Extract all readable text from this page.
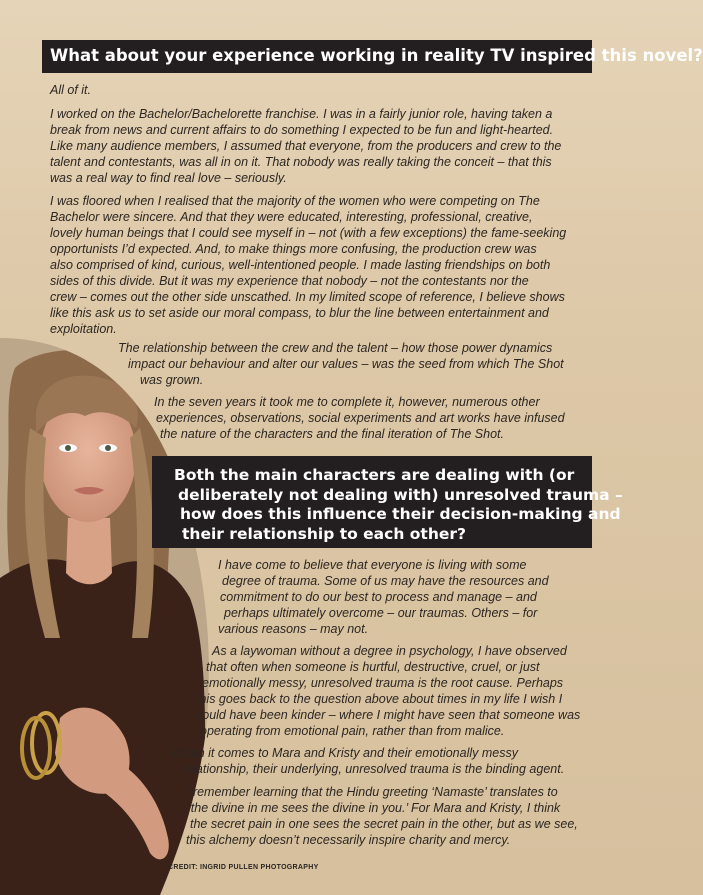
What about your experience working in reality TV inspired this novel?
All of it.
I worked on the Bachelor/Bachelorette franchise. I was in a fairly junior role, having taken a
break from news and current affairs to do something I expected to be fun and light-hearted.
Like many audience members, I assumed that everyone, from the producers and crew to the
talent and contestants, was all in on it. That nobody was really taking the conceit – that this
was a real way to find real love – seriously.
I was floored when I realised that the majority of the women who were competing on The
Bachelor were sincere. And that they were educated, interesting, professional, creative,
lovely human beings that I could see myself in – not (with a few exceptions) the fame-seeking
opportunists I’d expected. And, to make things more confusing, the production crew was
also comprised of kind, curious, well-intentioned people. I made lasting friendships on both
sides of this divide. But it was my experience that nobody – not the contestants nor the
crew – comes out the other side unscathed. In my limited scope of reference, I believe shows
like this ask us to set aside our moral compass, to blur the line between entertainment and
exploitation.
The relationship between the crew and the talent – how those power dynamics
impact our behaviour and alter our values – was the seed from which The Shot
was grown.
In the seven years it took me to complete it, however, numerous other
experiences, observations, social experiments and art works have infused
the nature of the characters and the final iteration of The Shot.
Both the main characters are dealing with (or
deliberately not dealing with) unresolved trauma –
how does this influence their decision-making and
their relationship to each other?
I have come to believe that everyone is living with some
degree of trauma. Some of us may have the resources and
commitment to do our best to process and manage – and
perhaps ultimately overcome – our traumas. Others – for
various reasons – may not.
As a laywoman without a degree in psychology, I have observed
that often when someone is hurtful, destructive, cruel, or just
emotionally messy, unresolved trauma is the root cause. Perhaps
this goes back to the question above about times in my life I wish I
could have been kinder – where I might have seen that someone was
operating from emotional pain, rather than from malice.
When it comes to Mara and Kristy and their emotionally messy
relationship, their underlying, unresolved trauma is the binding agent.
I remember learning that the Hindu greeting ‘Namaste’ translates to
‘the divine in me sees the divine in you.’ For Mara and Kristy, I think
the secret pain in one sees the secret pain in the other, but as we see,
this alchemy doesn’t necessarily inspire charity and mercy.
CREDIT: INGRID PULLEN PHOTOGRAPHY
